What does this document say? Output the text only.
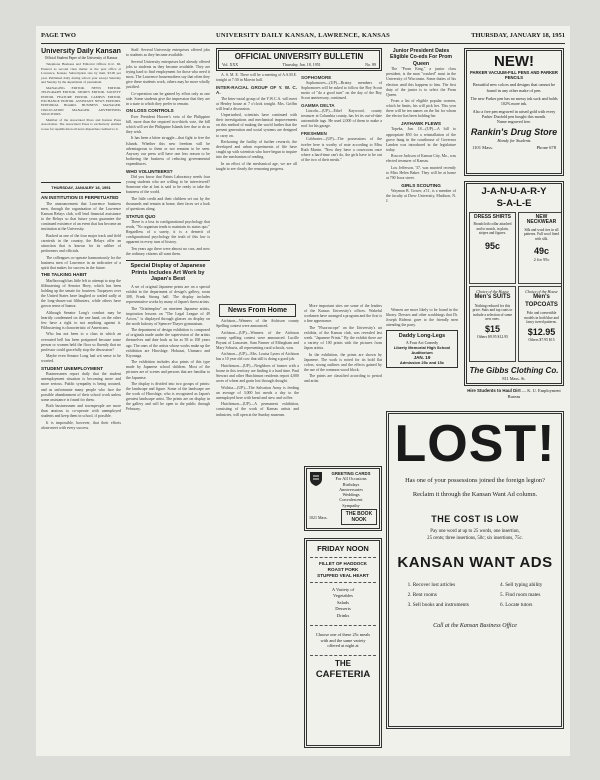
PAGE TWO	UNIVERSITY DAILY KANSAN, LAWRENCE, KANSAS	THURSDAY, JANUARY 18, 1951
University Daily Kansan
Official Student Paper of the University of Kansas

Telephone Business and Editorial Offices K.U. 66. Entered as second class matter at the post office at Lawrence, Kansas. Subscription rate by mail, $3.00 per year. Published daily during school year except Saturday and Sunday by the department of journalism.

MANAGING EDITOR. NEWS EDITOR. TELEGRAPH EDITOR. SPORTS EDITOR. SOCIETY EDITOR. FEATURE EDITOR. CAMPUS EDITOR. EXCHANGE EDITOR. ASSISTANT NEWS EDITORS. EDITORIAL BOARD. BUSINESS MANAGER. CIRCULATION MANAGER. ADVERTISING SOLICITORS.

Member of the Associated Press and Kansas Press Association. The Associated Press is exclusively entitled to use for republication all news dispatches credited to it.

THURSDAY, JANUARY 18, 1951
AN INSTITUTION IS PERPETUATED

The announcement that Lawrence business men, through the organization of the Lawrence Kansan Relays club, will lend financial assistance to the Relays so that future years guarantee the continued existence of an event that has become an institution at the University.

Bucked as one of the four major track and field carnivals in the country, the Relays offer an attraction that is known for its calibre of performers and officials.

The colleagues co-operate harmoniously for the business men of Lawrence in an indicative of a spirit that makes for success in the future.

THE TALKING HABIT

Marlborough has little left to attempt to stop the filibustering of Senator Hoey, which has been holding up the senate for fourteen. Taxpayers over the United States have laughed or wailed sadly at the long-drawn-out filibusters, while others have grown sense of humor.

Although Senator Long's conduct may be heartily condemned on the one hand, on the other few have a right to not anything against it. Filibustering is characteristic of Americans.

Who has not been to a class in which an overrated bell has been postponed because some person or women held the floor so fluently that no professor could gracefully stop the discussion?

Maybe even Senator Long had wit sense to be worried.

STUDENT UNEMPLOYMENT

Businessmen report daily that the student unemployment situation is becoming more and more serious. Public sympathy is being aroused, and as unfortunate many people who face the possible abandonment of their school work unless some assistance is found for them.

Both businessmen and townspeople are more than anxious to co-operate with unemployed students and keep them in school, if possible.

It is impossible, however, that their efforts alone meet with every success.

Staff. Several University enterprises offered jobs to students as they became available.

Several University enterprises had already offered jobs to students as they became available. They are trying hard to find employment for those who need it most. The Lawrence housemothers say that often they give these students work, others may be more wholly justified.

Co-operation can be gained by effort only as one side. Some students give the impression that they are in a state to which they prefer to remain.

ON LOSS CONTROLS

Ever President Hoover's veto of the Philippine bill, more than the required two-thirds vote, the bill which will set the Philippine Islands free due to do as they wish.

It has been a bitter struggle—that fight to free the Islands. Whether this new freedom will be advantageous to them or not remains to be seen. Anyway our press will have one less reason to be bothering the business of reducing governmental expenditures.

WHO VOLUNTEERS?

Did you know that Paints Laboratory needs four young students who are willing to be interviewed? Someone else at last is said to be ready to take the business of the world.

The little credit and their children set out by the thousands and remain at home, their faces set a look of questions along.

STATUS QUO

There is a loss in configurational psychology that reads, "No organism tends to maintain its status quo." Regardless of a surety, it is a demerit of configurational psychology the truth of this law is apparent in every turn of history.

Ten years ago there were almost no cars, and now the ordinary citizens all want them.

Special Display of Japanese Prints Includes Art Work by Japan's Best

A set of original Japanese prints are on a special exhibit in the department of design's gallery, room 308, Frank Strong hall. The display includes representative works by many of Japan's finest artists.

The "Oriafemplea" on nineteen Japanese artists, inspiration lessons on "The Legal League of 49 Actors," is displayed through glasses on display on the north balcony of Spencer-Thayer gymnasium.

The department of design exhibition is composed of originals made under the supervision of the artists themselves and date back as far as 58 to 100 years ago. The ones of the artists whose works make up the exhibition are Hiroshige, Hokusai, Utamaro and Kiyonaga.

The exhibition includes also prints of this type made by Japanese school children. Most of the pictures are of scenes and persons that are familiar to the Japanese.

The display is divided into two groups of prints: the landscape and figure. Some of the landscape are the work of Hiroshige, who is recognized as Japan's greatest landscape artist. The prints are on display in the gallery and will be open to the public through February.

OFFICIAL UNIVERSITY BULLETIN
Vol. XXX	Thursday, Jan. 18, 1951	No. 89

A. S. M. E. There will be a meeting of A.S.M.E. tonight at 7:30 in Marvin hall.

INTER-RACIAL GROUP OF Y. W. C. A.

The Inter-racial group of the Y.W.C.A. will meet at Henley house at 7 o'clock tonight. Mrs. Griffin will lead a discussion.

Unperturbed, scientists have continued with their investigations and mechanical improvements on this method of making the world further that the present generation and social systems are designed to carry on.

Reckoning the futility of further research, the developed and urban experiments of life have caught up with scientists who have begun to inquire into the mechanism of reading.

In an effort of the mechanical age, we are all taught to see clearly the reasoning progress.

SOPHOMORE

Sophomores—(UP)—Brainy members of Sophomores will be asked to follow the Boy Scout motto of "do a good turn" on the day of the Boy Scout anniversary, continued.

GAMMA DELTA

Lincoln—(UP)—Ethel Kaywood, county treasurer at Columbia county, has let its out-of-date automobile tags. He used 2,000 of them to make a roof for his garage.

FRESHMEN

Coldwater—(UP)—The possessions of the twelve here is worthy of note according to Miss Ruth Martin. "Now they have a courtroom once where a hard-time can't do, the girls have to be out of the two of their meals."

News From Home

Atchison—Winners of the Atchison county Spelling contest were announced.

Atchison—(UP)—Winners of the Atchison county spelling contest were announced. Lucille Bryant of Lancaster, Sam Farmer of Effingham and Mary Schurtz, all representing rural schools, won.

Atchison—(UP)—Mrs. Louisa Lyons of Atchison has a 10 year old cow that still is doing a good job.

Hutchinson—(UP)—Neighbors of farmer with a house in this territory are finding it a hard time. Paul Stewart and other Hutchinson residents report 4,000 acres of wheat and grain lost through drought.

Wichita—(UP)—The Salvation Army is feeding an average of 3,000 hot meals a day to the unemployed here with bread and stew and coffee.

Hutchinson—(UP)—A permanent exhibition, consisting of the work of Kansas artists and industries, will open at the Sunday museum.

GREETING CARDS
For All Occasions
Birthdays
Anniversaries
Weddings
Convalescent
Sympathy
1021 Mass.	THE BOOK NOOK
FRIDAY NOON
FILLET OF HADDOCK
ROAST PORK
STUFFED VEAL HEART
A Variety of
Vegetables
Salads
Desserts
Drinks
Choose one of these 25c meals with and the same variety offered at night at
THE
CAFETERIA

More important sites are some of the leaders of the Kansas University's offices. Wakeful workmen have arranged a program and the first is a fine appearance.

The "Fluoroscope" on the University's art exhibits, of the Kansas club, was revealed last week. "Japanese Prints." By the exhibit there are a variety of 100 prints with the pictures from Japan artists.

In the exhibition, the prints are shown by Japanese. The work is noted for its bold flat colors, strong outlines and the effects gained by the use of the common wood block.

The prints are classified according to period and artist.

Junior President Dates Eligible Co-eds For Prom Queen

The "Prom King," a junior class president, is the man "crashed" most in the University of Wisconsin. Some duties of his election until this happens to him. The first duty of the junior is to select the Prom Queen.

From a list of eligible popular women, which he limits, his will pick her. This year there will be ten names on the list for whom the elector has been holding her.

JAYHAWK FLEWS

Topeka, Jan. 18—(UP)—A bill to appropriate $50 for a reinstallation of the grove hung in the courthouse of Governor Landon was introduced in the legislature today.

Roscoe Jackson of Kansas City, Mo., was elected treasurer of Kansas.

Lou Jefferson, '37, was married recently to Miss Helen Baker. They will be at home at 700 Iowa street.

GIRLS SCOUTING

Wayman B. Gower, a'11, is a member of the faculty at Drew University, Madison, N. J.

NEW!
PARKER VACUUM-FILL PENS AND PARKER PENCILS
Beautiful new colors and designs that cannot be found in any other make of pen.
The new Parker pen has no messy ink sack and holds 102% more ink.
Also a free pen engraved in raised gold with every Parker Duofold pen bought this month.
Name engraved free.
Rankin's Drug Store
Handy for Students
1101 Mass.	Phone 678
J-A-N-U-A-R-Y
S-A-L-E
DRESS SHIRTS
Broadcloth collar attached and to match, in plain, stripes and figures.
95c
NEW NECKWEAR
Silk and wool ties in all patterns. Full wool lined with silk.
49c
2 for 95c
Choice of the House
Men's SUITS
Nothing reduced for this price. Suits and top coats to include a selection of some new ones.
$15
Others $9.95 $12.95
Choice of the House
Men's TOPCOATS
Polo and convertible models in both blue and fancy tweed patterns.
$12.95
Others $7.95 $15
The Gibbs Clothing Co.
811 Mass. St.

Women are more likely to be found in the library. Dresses and other scrubbings that Dr. Joseph Rideout gave to the friendly men attending the party.

Daddy Long-Legs
A Four Act Comedy
Liberty Memorial High School Auditorium
JAN. 19
Admission 25c and 15c
LOST!
Has one of your possessions joined the foreign legion?
Reclaim it through the Kansan Want Ad column.
THE COST IS LOW
Pay one word at up to 25 words, one insertion,
25 cents; three insertions, 50c; six insertions, 75c.
KANSAN WANT ADS
1. Recover lost articles
2. Rent rooms
3. Sell books and instruments
4. Sell typing ability
5. Find room mates
6. Locate tutors
Call at the Kansan Business Office
Hire Students to Haul Dirt — K. U. Employment Bureau
